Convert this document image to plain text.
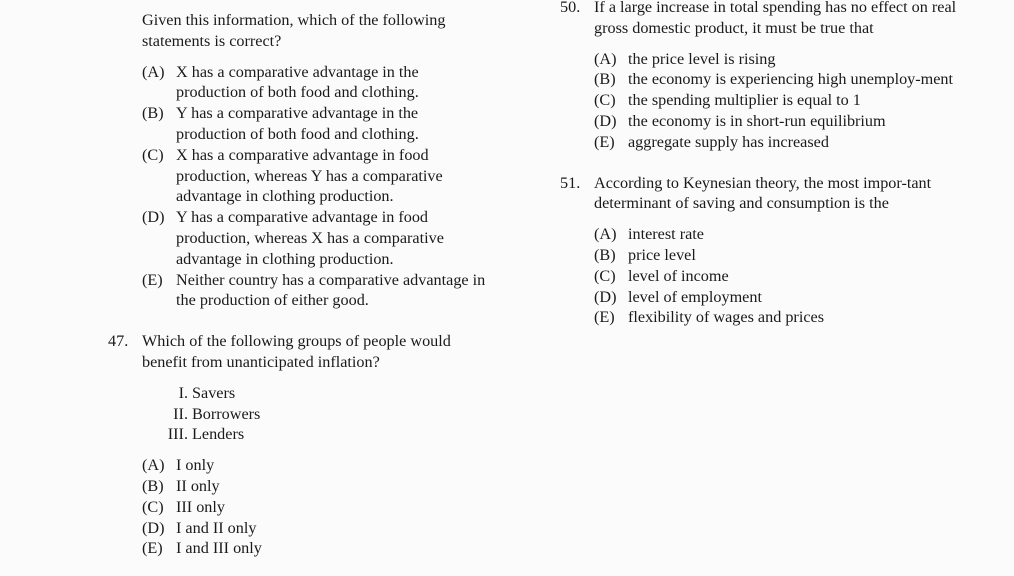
Given this information, which of the following statements is correct?

(A) X has a comparative advantage in the production of both food and clothing.
(B) Y has a comparative advantage in the production of both food and clothing.
(C) X has a comparative advantage in food production, whereas Y has a comparative advantage in clothing production.
(D) Y has a comparative advantage in food production, whereas X has a comparative advantage in clothing production.
(E) Neither country has a comparative advantage in the production of either good.
47. Which of the following groups of people would benefit from unanticipated inflation?

I. Savers
II. Borrowers
III. Lenders
(A) I only
(B) II only
(C) III only
(D) I and II only
(E) I and III only
50. If a large increase in total spending has no effect on real gross domestic product, it must be true that

(A) the price level is rising
(B) the economy is experiencing high unemploy-ment
(C) the spending multiplier is equal to 1
(D) the economy is in short-run equilibrium
(E) aggregate supply has increased
51. According to Keynesian theory, the most impor-tant determinant of saving and consumption is the

(A) interest rate
(B) price level
(C) level of income
(D) level of employment
(E) flexibility of wages and prices
